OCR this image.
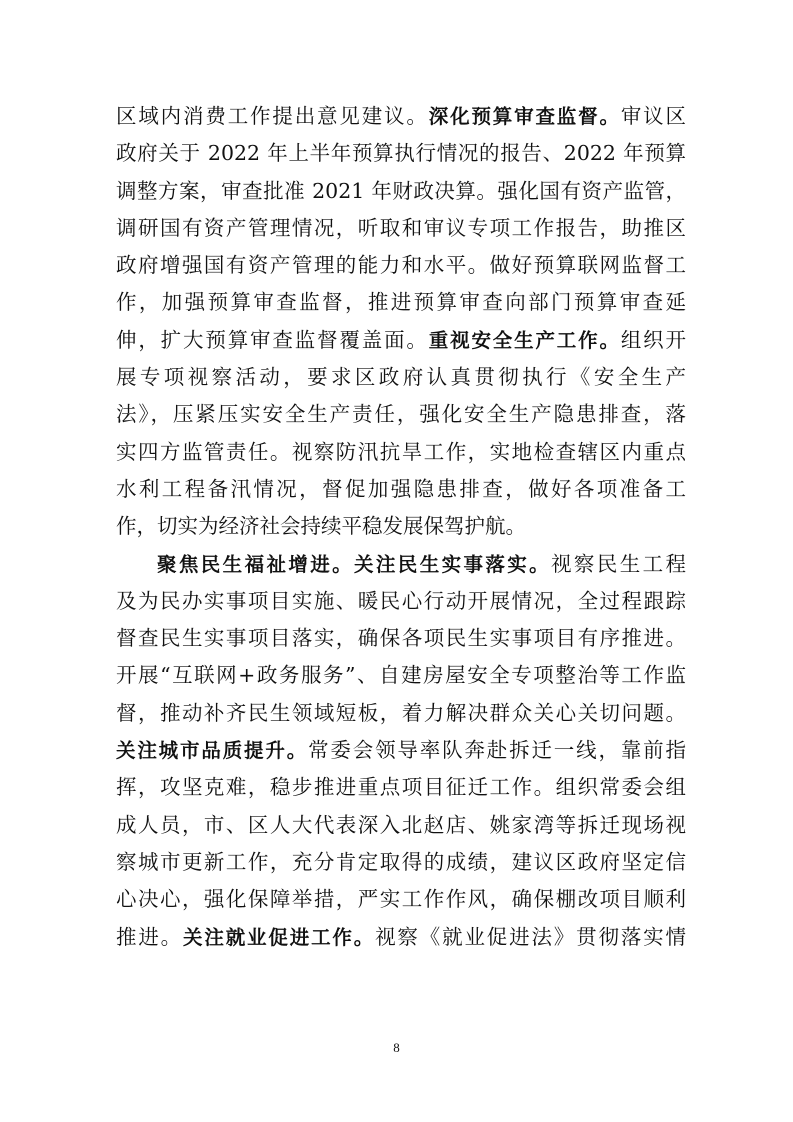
区域内消费工作提出意见建议。深化预算审查监督。审议区
政府关于 2022 年上半年预算执行情况的报告、2022 年预算
调整方案，审查批准 2021 年财政决算。强化国有资产监管，
调研国有资产管理情况，听取和审议专项工作报告，助推区
政府增强国有资产管理的能力和水平。做好预算联网监督工
作，加强预算审查监督，推进预算审查向部门预算审查延
伸，扩大预算审查监督覆盖面。重视安全生产工作。组织开
展专项视察活动，要求区政府认真贯彻执行《安全生产
法》，压紧压实安全生产责任，强化安全生产隐患排查，落
实四方监管责任。视察防汛抗旱工作，实地检查辖区内重点
水利工程备汛情况，督促加强隐患排查，做好各项准备工
作，切实为经济社会持续平稳发展保驾护航。
聚焦民生福祉增进。关注民生实事落实。视察民生工程
及为民办实事项目实施、暖民心行动开展情况，全过程跟踪
督查民生实事项目落实，确保各项民生实事项目有序推进。
开展“互联网+政务服务”、自建房屋安全专项整治等工作监
督，推动补齐民生领域短板，着力解决群众关心关切问题。
关注城市品质提升。常委会领导率队奔赴拆迁一线，靠前指
挥，攻坚克难，稳步推进重点项目征迁工作。组织常委会组
成人员，市、区人大代表深入北赵店、姚家湾等拆迁现场视
察城市更新工作，充分肯定取得的成绩，建议区政府坚定信
心决心，强化保障举措，严实工作作风，确保棚改项目顺利
推进。关注就业促进工作。视察《就业促进法》贯彻落实情
8
